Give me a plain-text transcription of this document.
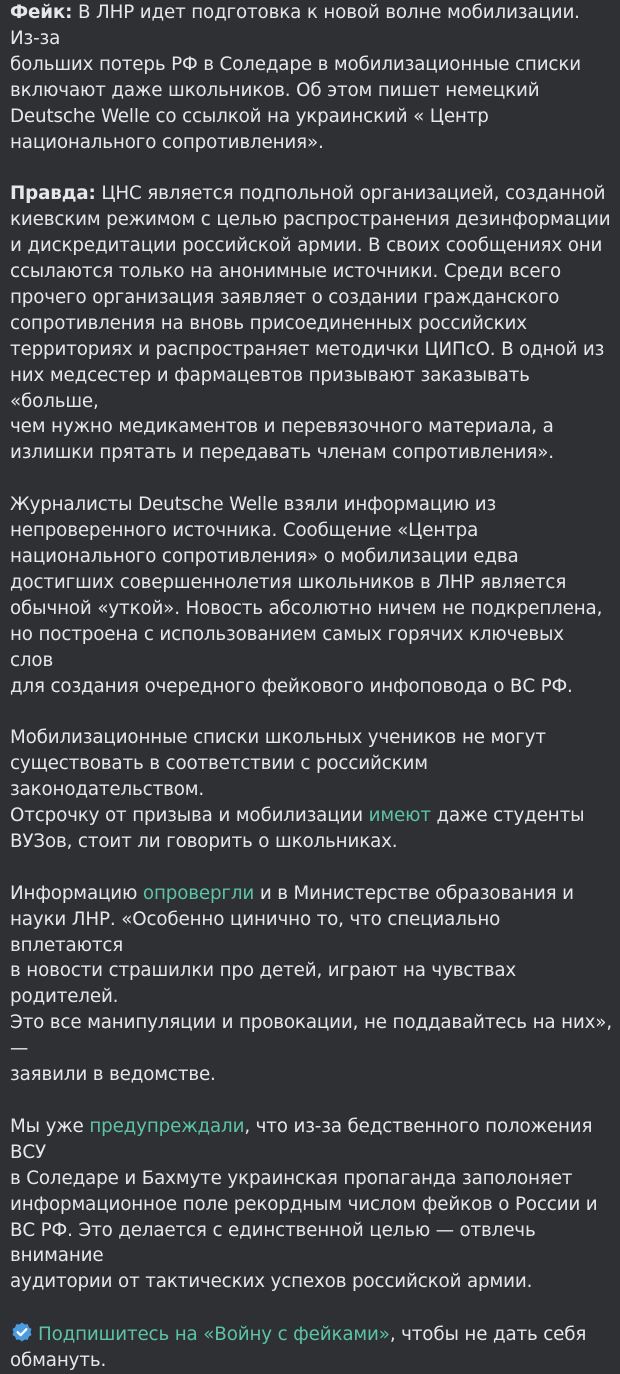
Фейк: В ЛНР идет подготовка к новой волне мобилизации. Из-за
больших потерь РФ в Соледаре в мобилизационные списки
включают даже школьников. Об этом пишет немецкий
Deutsche Welle со ссылкой на украинский « Центр
национального сопротивления».

Правда: ЦНС является подпольной организацией, созданной
киевским режимом с целью распространения дезинформации
и дискредитации российской армии. В своих сообщениях они
ссылаются только на анонимные источники. Среди всего
прочего организация заявляет о создании гражданского
сопротивления на вновь присоединенных российских
территориях и распространяет методички ЦИПсО. В одной из
них медсестер и фармацевтов призывают заказывать «больше,
чем нужно медикаментов и перевязочного материала, а
излишки прятать и передавать членам сопротивления».

Журналисты Deutsche Welle взяли информацию из
непроверенного источника. Сообщение «Центра
национального сопротивления» о мобилизации едва
достигших совершеннолетия школьников в ЛНР является
обычной «уткой». Новость абсолютно ничем не подкреплена,
но построена с использованием самых горячих ключевых слов
для создания очередного фейкового инфоповода о ВС РФ.

Мобилизационные списки школьных учеников не могут
существовать в соответствии с российским законодательством.
Отсрочку от призыва и мобилизации имеют даже студенты
ВУЗов, стоит ли говорить о школьниках.

Информацию опровергли и в Министерстве образования и
науки ЛНР. «Особенно цинично то, что специально вплетаются
в новости страшилки про детей, играют на чувствах родителей.
Это все манипуляции и провокации, не поддавайтесь на них», —
заявили в ведомстве.

Мы уже предупреждали, что из-за бедственного положения ВСУ
в Соледаре и Бахмуте украинская пропаганда заполоняет
информационное поле рекордным числом фейков о России и
ВС РФ. Это делается с единственной целью — отвлечь внимание
аудитории от тактических успехов российской армии.

Подпишитесь на «Войну с фейками», чтобы не дать себя
обмануть.
